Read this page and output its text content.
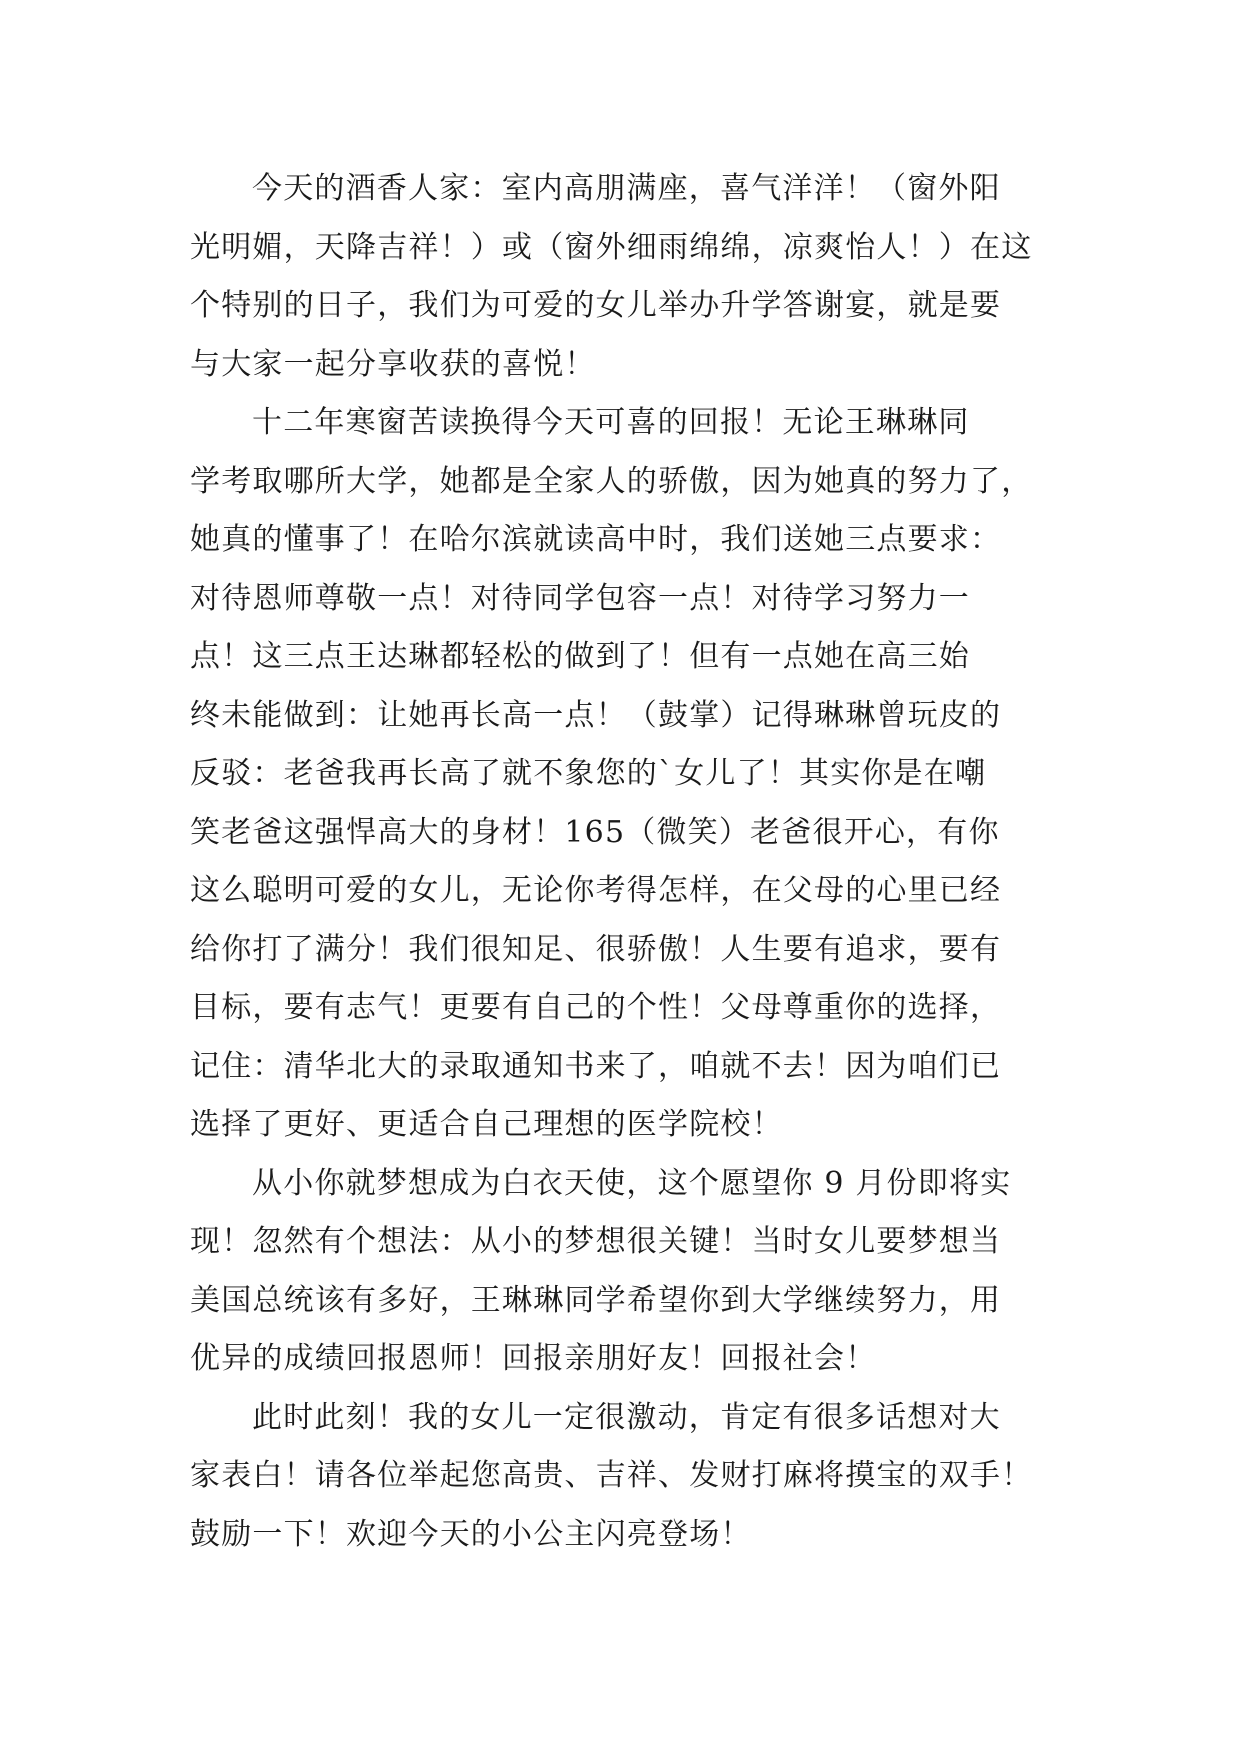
今天的酒香人家：室内高朋满座，喜气洋洋！（窗外阳
光明媚，天降吉祥！）或（窗外细雨绵绵，凉爽怡人！）在这
个特别的日子，我们为可爱的女儿举办升学答谢宴，就是要
与大家一起分享收获的喜悦！
十二年寒窗苦读换得今天可喜的回报！无论王琳琳同
学考取哪所大学，她都是全家人的骄傲，因为她真的努力了，
她真的懂事了！在哈尔滨就读高中时，我们送她三点要求：
对待恩师尊敬一点！对待同学包容一点！对待学习努力一
点！这三点王达琳都轻松的做到了！但有一点她在高三始
终未能做到：让她再长高一点！（鼓掌）记得琳琳曾玩皮的
反驳：老爸我再长高了就不象您的`女儿了！其实你是在嘲
笑老爸这强悍高大的身材！165（微笑）老爸很开心，有你
这么聪明可爱的女儿，无论你考得怎样，在父母的心里已经
给你打了满分！我们很知足、很骄傲！人生要有追求，要有
目标，要有志气！更要有自己的个性！父母尊重你的选择，
记住：清华北大的录取通知书来了，咱就不去！因为咱们已
选择了更好、更适合自己理想的医学院校！
从小你就梦想成为白衣天使，这个愿望你 9 月份即将实
现！忽然有个想法：从小的梦想很关键！当时女儿要梦想当
美国总统该有多好，王琳琳同学希望你到大学继续努力，用
优异的成绩回报恩师！回报亲朋好友！回报社会！
此时此刻！我的女儿一定很激动，肯定有很多话想对大
家表白！请各位举起您高贵、吉祥、发财打麻将摸宝的双手！
鼓励一下！欢迎今天的小公主闪亮登场！
